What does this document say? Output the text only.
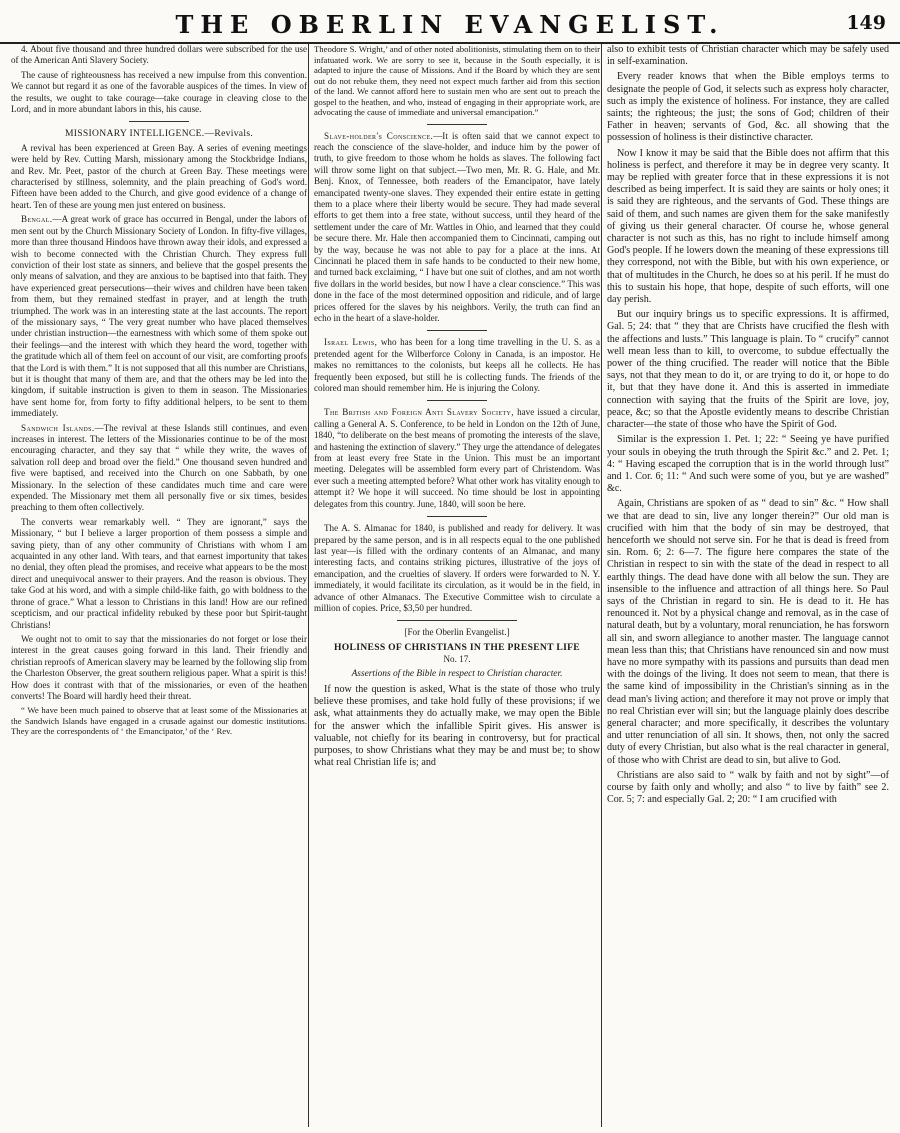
THE OBERLIN EVANGELIST.	149

4. About five thousand and three hundred dollars were subscribed for the use of the American Anti Slavery Society.

The cause of righteousness has received a new impulse from this convention. We cannot but regard it as one of the favorable auspices of the times. In view of the results, we ought to take courage—take courage in cleaving close to the Lord, and in more abundant labors in this, his cause.

MISSIONARY INTELLIGENCE.—Revivals.

A revival has been experienced at Green Bay. A series of evening meetings were held by Rev. Cutting Marsh, missionary among the Stockbridge Indians, and Rev. Mr. Peet, pastor of the church at Green Bay. These meetings were characterised by stillness, solemnity, and the plain preaching of God's word. Fifteen have been added to the Church, and give good evidence of a change of heart. Ten of these are young men just entered on business.

Bengal.—A great work of grace has occurred in Bengal, under the labors of men sent out by the Church Missionary Society of London. In fifty-five villages, more than three thousand Hindoos have thrown away their idols, and expressed a wish to become connected with the Christian Church. They express full conviction of their lost state as sinners, and believe that the gospel presents the only means of salvation, and they are anxious to be baptised into that faith. They have experienced great persecutions—their wives and children have been taken from them, but they remained stedfast in prayer, and at length the truth triumphed. The work was in an interesting state at the last accounts. The report of the missionary says, “ The very great number who have placed themselves under christian instruction—the earnestness with which some of them spoke out their feelings—and the interest with which they heard the word, together with the gratitude which all of them feel on account of our visit, are comforting proofs that the Lord is with them.” It is not supposed that all this number are Christians, but it is thought that many of them are, and that the others may be led into the kingdom, if suitable instruction is given to them in season. The Missionaries have sent home for, from forty to fifty additional helpers, to be sent to them immediately.

Sandwich Islands.—The revival at these Islands still continues, and even increases in interest. The letters of the Missionaries continue to be of the most encouraging character, and they say that “ while they write, the waves of salvation roll deep and broad over the field.” One thousand seven hundred and five were baptised, and received into the Church on one Sabbath, by one Missionary. In the selection of these candidates much time and care were expended. The Missionary met them all personally five or six times, besides preaching to them often collectively.

The converts wear remarkably well. “ They are ignorant,” says the Missionary, “ but I believe a larger proportion of them possess a simple and saving piety, than of any other community of Christians with whom I am acquainted in any other land. With tears, and that earnest importunity that takes no denial, they often plead the promises, and receive what appears to be the most direct and unequivocal answer to their prayers. And the reason is obvious. They take God at his word, and with a simple child-like faith, go with boldness to the throne of grace.” What a lesson to Christians in this land! How are our refined scepticism, and our practical infidelity rebuked by these poor but Spirit-taught Christians!

We ought not to omit to say that the missionaries do not forget or lose their interest in the great causes going forward in this land. Their friendly and christian reproofs of American slavery may be learned by the following slip from the Charleston Observer, the great southern religious paper. What a spirit is this! How does it contrast with that of the missionaries, or even of the heathen converts! The Board will hardly heed their threat.

“ We have been much pained to observe that at least some of the Missionaries at the Sandwich Islands have engaged in a crusade against our domestic institutions. They are the correspondents of ‘ the Emancipator,’ of the ‘ Rev.

Theodore S. Wright,’ and of other noted abolitionists, stimulating them on to their infatuated work. We are sorry to see it, because in the South especially, it is adapted to injure the cause of Missions. And if the Board by which they are sent out do not rebuke them, they need not expect much farther aid from this section of the land. We cannot afford here to sustain men who are sent out to preach the gospel to the heathen, and who, instead of engaging in their appropriate work, are advocating the cause of immediate and universal emancipation.”

Slave-holder's Conscience.—It is often said that we cannot expect to reach the conscience of the slave-holder, and induce him by the power of truth, to give freedom to those whom he holds as slaves. The following fact will throw some light on that subject.—Two men, Mr. R. G. Hale, and Mr. Benj. Knox, of Tennessee, both readers of the Emancipator, have lately emancipated twenty-one slaves. They expended their entire estate in getting them to a place where their liberty would be secure. They had made several efforts to get them into a free state, without success, until they heard of the settlement under the care of Mr. Wattles in Ohio, and learned that they could be secure there. Mr. Hale then accompanied them to Cincinnati, camping out by the way, because he was not able to pay for a place at the inns. At Cincinnati he placed them in safe hands to be conducted to their new home, and turned back exclaiming, “ I have but one suit of clothes, and am not worth five dollars in the world besides, but now I have a clear conscience.” This was done in the face of the most determined opposition and ridicule, and of large prices offered for the slaves by his neighbors. Verily, the truth can find an echo in the heart of a slave-holder.

Israel Lewis, who has been for a long time travelling in the U. S. as a pretended agent for the Wilberforce Colony in Canada, is an impostor. He makes no remittances to the colonists, but keeps all he collects. He has frequently been exposed, but still he is collecting funds. The friends of the colored man should remember him. He is injuring the Colony.

The British and Foreign Anti Slavery Society, have issued a circular, calling a General A. S. Conference, to be held in London on the 12th of June, 1840, “to deliberate on the best means of promoting the interests of the slave, and hastening the extinction of slavery.” They urge the attendance of delegates from at least every free State in the Union. This must be an important meeting. Delegates will be assembled form every part of Christendom. Was ever such a meeting attempted before? What other work has vitality enough to attempt it? We hope it will succeed. No time should be lost in appointing delegates from this country. June, 1840, will soon be here.

The A. S. Almanac for 1840, is published and ready for delivery. It was prepared by the same person, and is in all respects equal to the one published last year—is filled with the ordinary contents of an Almanac, and many interesting facts, and contains striking pictures, illustrative of the joys of emancipation, and the cruelties of slavery. If orders were forwarded to N. Y. immediately, it would facilitate its circulation, as it would be in the field, in advance of other Almanacs. The Executive Committee wish to circulate a million of copies. Price, $3,50 per hundred.

[For the Oberlin Evangelist.]

HOLINESS OF CHRISTIANS IN THE PRESENT LIFE

No. 17.

Assertions of the Bible in respect to Christian character.

If now the question is asked, What is the state of those who truly believe these promises, and take hold fully of these provisions; if we ask, what attainments they do actually make, we may open the Bible for the answer which the infallible Spirit gives. His answer is valuable, not chiefly for its bearing in controversy, but for practical purposes, to show Christians what they may be and must be; to show what real Christian life is; and

also to exhibit tests of Christian character which may be safely used in self-examination.

Every reader knows that when the Bible employs terms to designate the people of God, it selects such as express holy character, such as imply the existence of holiness. For instance, they are called saints; the righteous; the just; the sons of God; children of their Father in heaven; servants of God, &c. all showing that the possession of holiness is their distinctive character.

Now I know it may be said that the Bible does not affirm that this holiness is perfect, and therefore it may be in degree very scanty. It may be replied with greater force that in these expressions it is not described as being imperfect. It is said they are saints or holy ones; it is said they are righteous, and the servants of God. These things are said of them, and such names are given them for the sake manifestly of giving us their general character. Of course he, whose general character is not such as this, has no right to include himself among God's people. If he lowers down the meaning of these expressions till they correspond, not with the Bible, but with his own experience, or that of multitudes in the Church, he does so at his peril. If he must do this to sustain his hope, that hope, despite of such efforts, will one day perish.

But our inquiry brings us to specific expressions. It is affirmed, Gal. 5; 24: that “ they that are Christs have crucified the flesh with the affections and lusts.” This language is plain. To “ crucify” cannot well mean less than to kill, to overcome, to subdue effectually the power of the thing crucified. The reader will notice that the Bible says, not that they mean to do it, or are trying to do it, or hope to do it, but that they have done it. And this is asserted in immediate connection with saying that the fruits of the Spirit are love, joy, peace, &c; so that the Apostle evidently means to describe Christian character—the state of those who have the Spirit of God.

Similar is the expression 1. Pet. 1; 22: “ Seeing ye have purified your souls in obeying the truth through the Spirit &c.” and 2. Pet. 1; 4: “ Having escaped the corruption that is in the world through lust” and 1. Cor. 6; 11: “ And such were some of you, but ye are washed” &c.

Again, Christians are spoken of as “ dead to sin” &c. “ How shall we that are dead to sin, live any longer therein?” Our old man is crucified with him that the body of sin may be destroyed, that henceforth we should not serve sin. For he that is dead is freed from sin. Rom. 6; 2: 6—7. The figure here compares the state of the Christian in respect to sin with the state of the dead in respect to all earthly things. The dead have done with all below the sun. They are insensible to the influence and attraction of all things here. So Paul says of the Christian in regard to sin. He is dead to it. He has renounced it. Not by a physical change and removal, as in the case of natural death, but by a voluntary, moral renunciation, he has forsworn all sin, and sworn allegiance to another master. The language cannot mean less than this; that Christians have renounced sin and now must have no more sympathy with its passions and pursuits than dead men with the doings of the living. It does not seem to mean, that there is the same kind of impossibility in the Christian's sinning as in the dead man's living action; and therefore it may not prove or imply that no real Christian ever will sin; but the language plainly does describe general character; and more specifically, it describes the voluntary and utter renunciation of all sin. It shows, then, not only the sacred duty of every Christian, but also what is the real character in general, of those who with Christ are dead to sin, but alive to God.

Christians are also said to “ walk by faith and not by sight”—of course by faith only and wholly; and also “ to live by faith” see 2. Cor. 5; 7: and especially Gal. 2; 20: “ I am crucified with
